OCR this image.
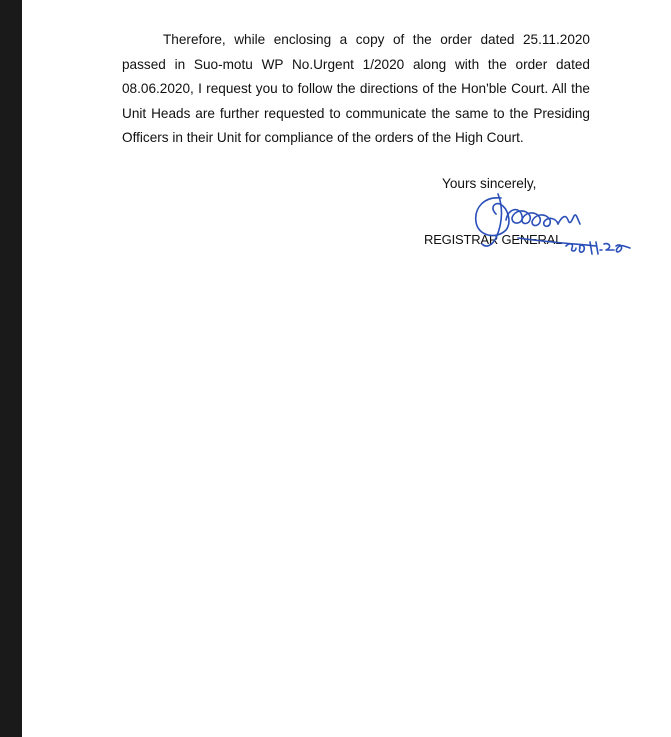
Therefore, while enclosing a copy of the order dated 25.11.2020 passed in Suo-motu WP No.Urgent 1/2020 along with the order dated 08.06.2020, I request you to follow the directions of the Hon'ble Court. All the Unit Heads are further requested to communicate the same to the Presiding Officers in their Unit for compliance of the orders of the High Court.

Yours sincerely,

REGISTRAR GENERAL
